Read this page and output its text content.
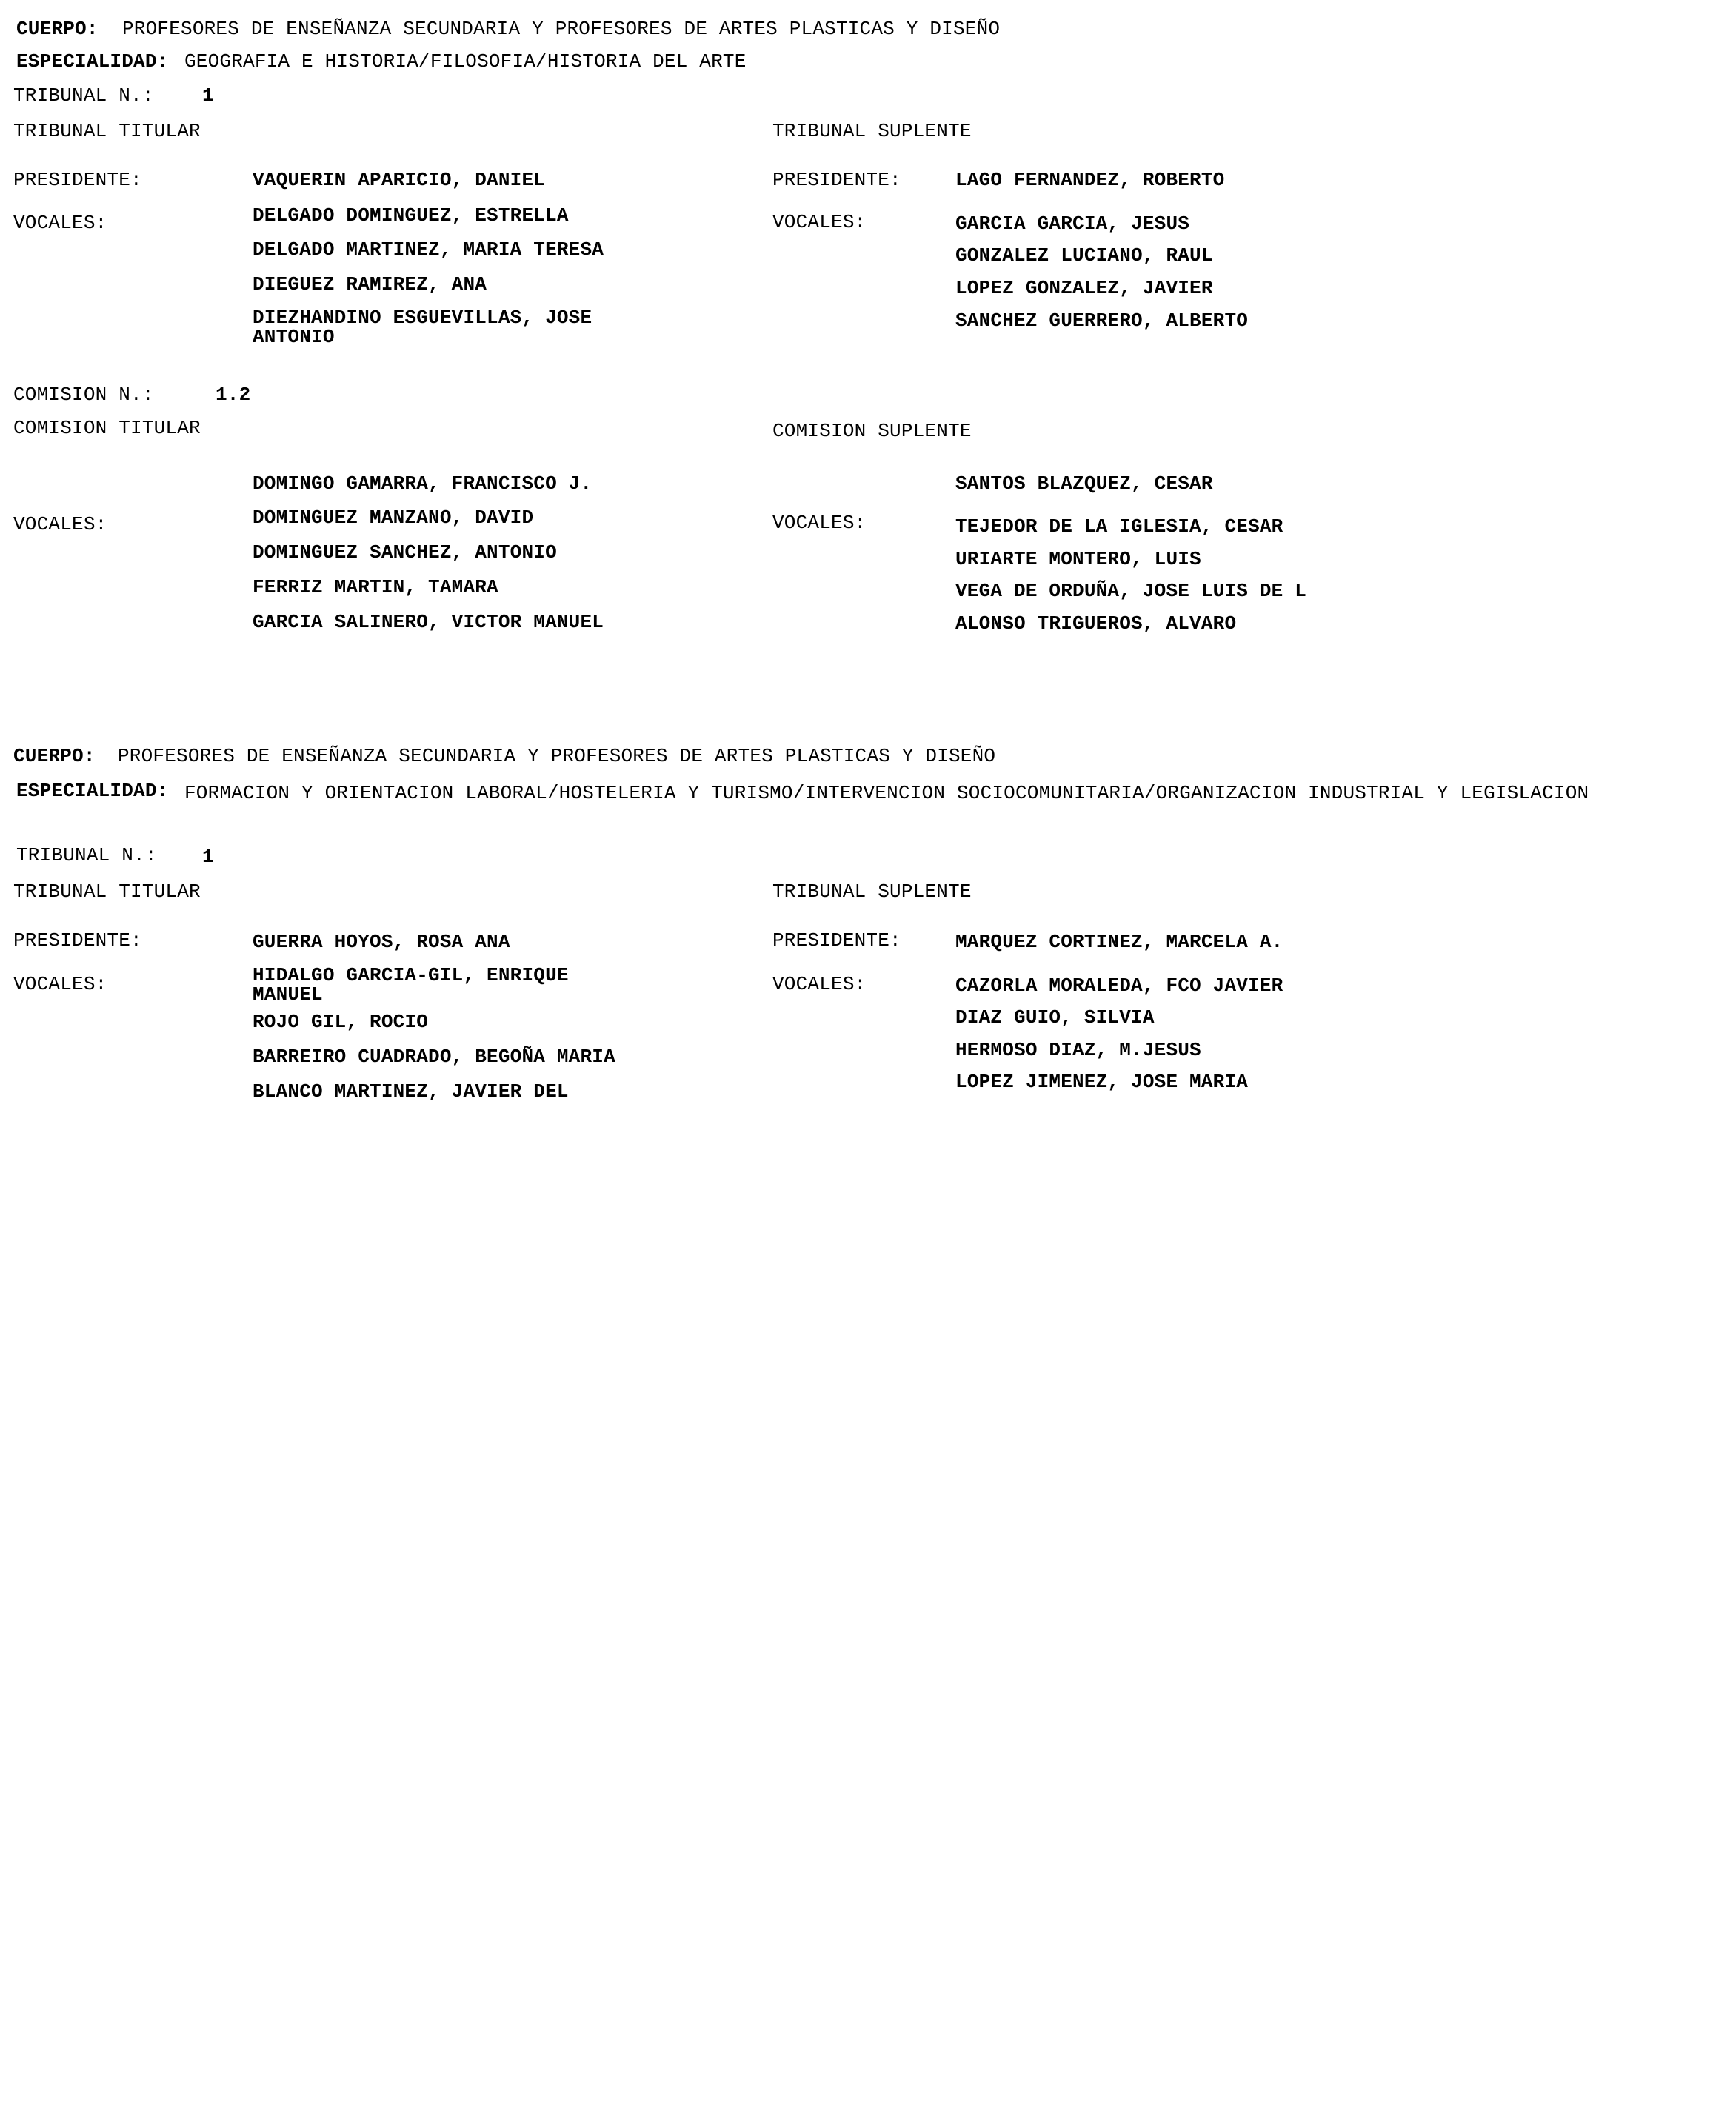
CUERPO: PROFESORES DE ENSEÑANZA SECUNDARIA Y PROFESORES DE ARTES PLASTICAS Y DISEÑO
ESPECIALIDAD: GEOGRAFIA E HISTORIA/FILOSOFIA/HISTORIA DEL ARTE
TRIBUNAL N.:	1
TRIBUNAL TITULAR	TRIBUNAL SUPLENTE
PRESIDENTE:	VAQUERIN APARICIO, DANIEL
VOCALES:	DELGADO DOMINGUEZ, ESTRELLA
DELGADO MARTINEZ, MARIA TERESA
DIEGUEZ RAMIREZ, ANA
DIEZHANDINO ESGUEVILLAS, JOSE ANTONIO
PRESIDENTE:	LAGO FERNANDEZ, ROBERTO
VOCALES:	GARCIA GARCIA, JESUS
GONZALEZ LUCIANO, RAUL
LOPEZ GONZALEZ, JAVIER
SANCHEZ GUERRERO, ALBERTO
COMISION N.:	1.2
COMISION TITULAR	COMISION SUPLENTE
VOCALES:
DOMINGO GAMARRA, FRANCISCO J.
DOMINGUEZ MANZANO, DAVID
DOMINGUEZ SANCHEZ, ANTONIO
FERRIZ MARTIN, TAMARA
GARCIA SALINERO, VICTOR MANUEL
VOCALES:
SANTOS BLAZQUEZ, CESAR
TEJEDOR DE LA IGLESIA, CESAR
URIARTE MONTERO, LUIS
VEGA DE ORDUÑA, JOSE LUIS DE L
ALONSO TRIGUEROS, ALVARO
CUERPO: PROFESORES DE ENSEÑANZA SECUNDARIA Y PROFESORES DE ARTES PLASTICAS Y DISEÑO
ESPECIALIDAD: FORMACION Y ORIENTACION LABORAL/HOSTELERIA Y TURISMO/INTERVENCION SOCIOCOMUNITARIA/ORGANIZACION INDUSTRIAL Y LEGISLACION
TRIBUNAL N.: 1
TRIBUNAL TITULAR	TRIBUNAL SUPLENTE
PRESIDENTE:	GUERRA HOYOS, ROSA ANA
VOCALES:	HIDALGO GARCIA-GIL, ENRIQUE MANUEL
ROJO GIL, ROCIO
BARREIRO CUADRADO, BEGOÑA MARIA
BLANCO MARTINEZ, JAVIER DEL
PRESIDENTE:	MARQUEZ CORTINEZ, MARCELA A.
VOCALES:	CAZORLA MORALEDA, FCO JAVIER
DIAZ GUIO, SILVIA
HERMOSO DIAZ, M.JESUS
LOPEZ JIMENEZ, JOSE MARIA
